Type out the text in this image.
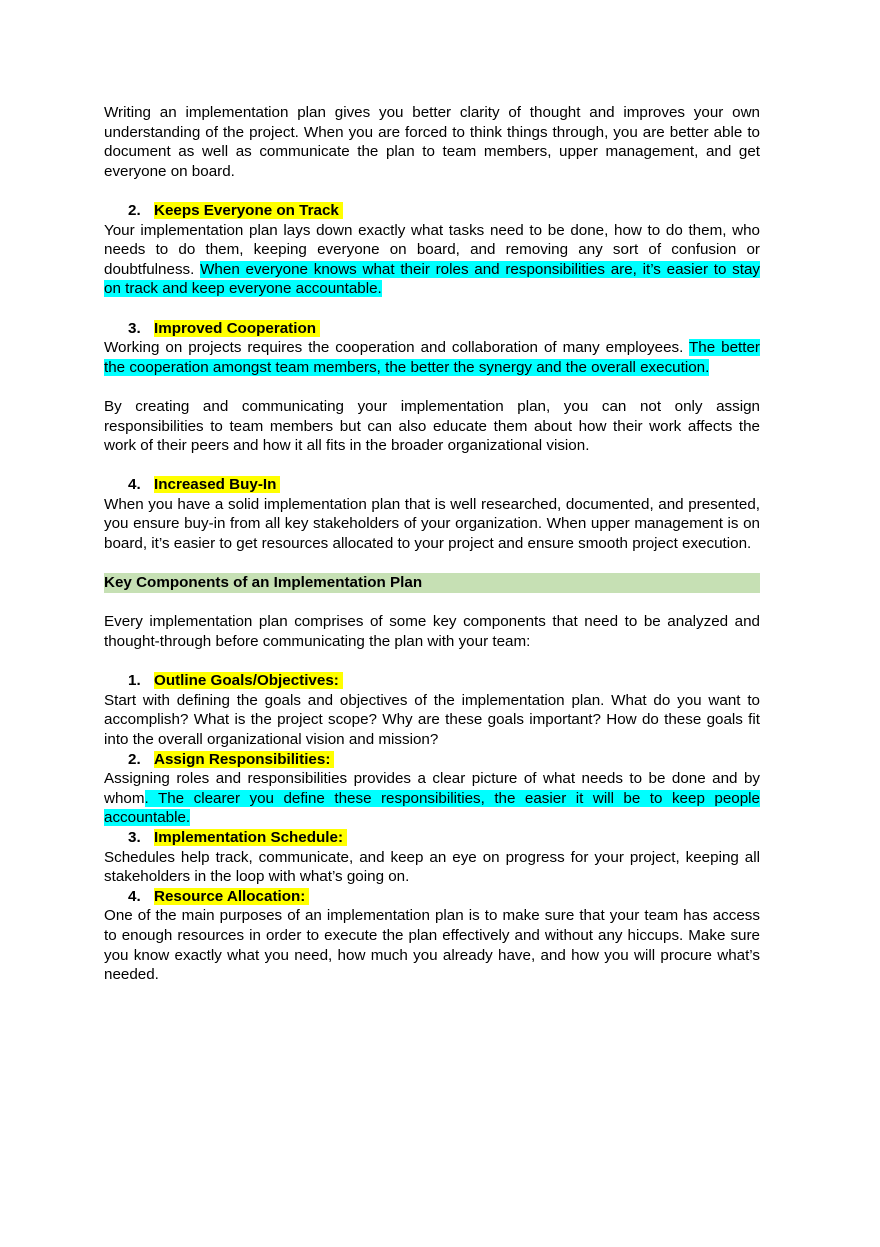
Writing an implementation plan gives you better clarity of thought and improves your own understanding of the project. When you are forced to think things through, you are better able to document as well as communicate the plan to team members, upper management, and get everyone on board.

2. Keeps Everyone on Track

Your implementation plan lays down exactly what tasks need to be done, how to do them, who needs to do them, keeping everyone on board, and removing any sort of confusion or doubtfulness. When everyone knows what their roles and responsibilities are, it’s easier to stay on track and keep everyone accountable.

3. Improved Cooperation

Working on projects requires the cooperation and collaboration of many employees. The better the cooperation amongst team members, the better the synergy and the overall execution.

By creating and communicating your implementation plan, you can not only assign responsibilities to team members but can also educate them about how their work affects the work of their peers and how it all fits in the broader organizational vision.

4. Increased Buy-In

When you have a solid implementation plan that is well researched, documented, and presented, you ensure buy-in from all key stakeholders of your organization. When upper management is on board, it’s easier to get resources allocated to your project and ensure smooth project execution.

Key Components of an Implementation Plan

Every implementation plan comprises of some key components that need to be analyzed and thought-through before communicating the plan with your team:

1. Outline Goals/Objectives:

Start with defining the goals and objectives of the implementation plan. What do you want to accomplish? What is the project scope? Why are these goals important? How do these goals fit into the overall organizational vision and mission?

2. Assign Responsibilities:

Assigning roles and responsibilities provides a clear picture of what needs to be done and by whom. The clearer you define these responsibilities, the easier it will be to keep people accountable.

3. Implementation Schedule:

Schedules help track, communicate, and keep an eye on progress for your project, keeping all stakeholders in the loop with what’s going on.

4. Resource Allocation:

One of the main purposes of an implementation plan is to make sure that your team has access to enough resources in order to execute the plan effectively and without any hiccups. Make sure you know exactly what you need, how much you already have, and how you will procure what’s needed.
